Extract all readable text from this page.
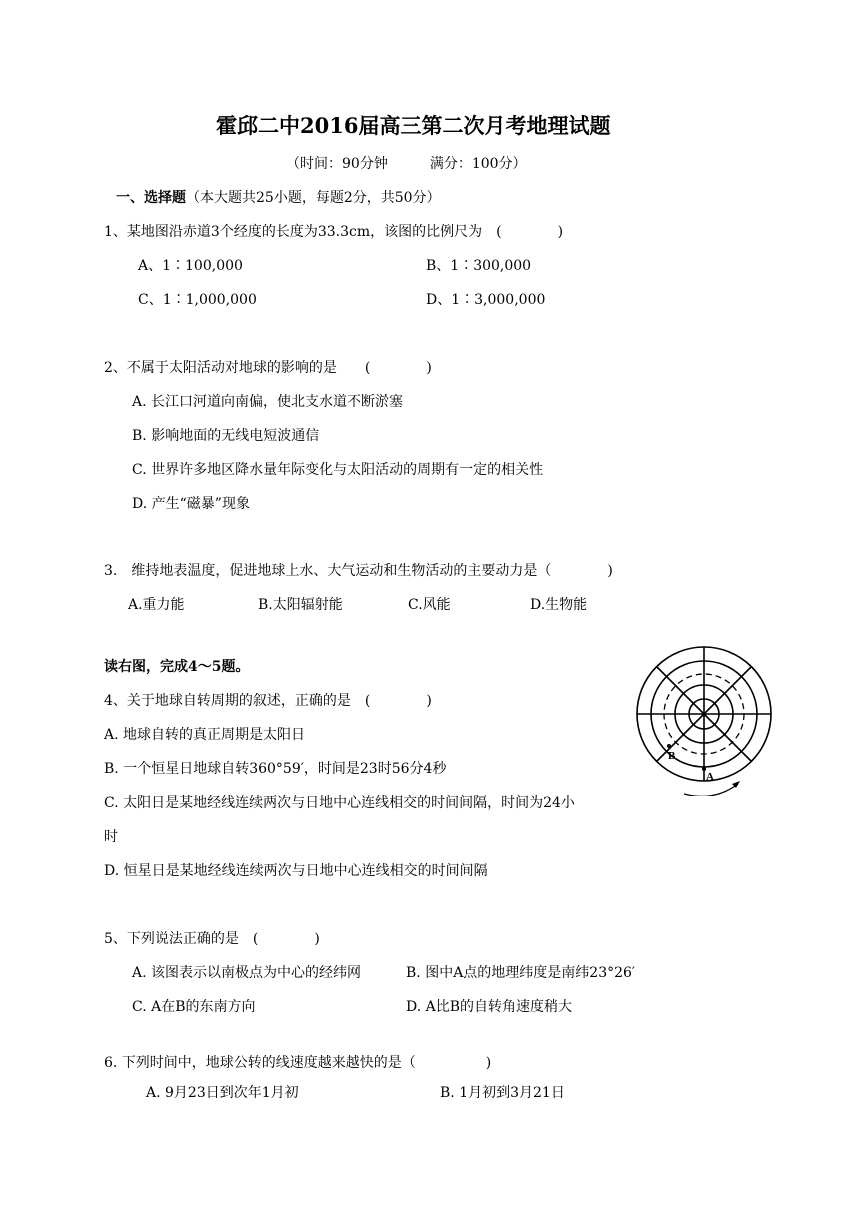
霍邱二中2016届高三第二次月考地理试题
（时间：90分钟　　　满分：100分）
一、选择题（本大题共25小题，每题2分，共50分）
1、某地图沿赤道3个经度的长度为33.3cm，该图的比例尺为　(　　　　)
A、1∶100,000	B、1∶300,000
C、1∶1,000,000	D、1∶3,000,000
2、不属于太阳活动对地球的影响的是　　(　　　　)
A. 长江口河道向南偏，使北支水道不断淤塞
B. 影响地面的无线电短波通信
C. 世界许多地区降水量年际变化与太阳活动的周期有一定的相关性
D. 产生“磁暴”现象
3.　维持地表温度，促进地球上水、大气运动和生物活动的主要动力是（　　　　)
A.重力能	B.太阳辐射能	C.风能	D.生物能
读右图，完成4～5题。
4、关于地球自转周期的叙述，正确的是　(　　　　)
A. 地球自转的真正周期是太阳日
B. 一个恒星日地球自转360°59′，时间是23时56分4秒
C. 太阳日是某地经线连续两次与日地中心连线相交的时间间隔，时间为24小
时
D. 恒星日是某地经线连续两次与日地中心连线相交的时间间隔
5、下列说法正确的是　(　　　　)
A. 该图表示以南极点为中心的经纬网	B. 图中A点的地理纬度是南纬23°26′
C. A在B的东南方向	D. A比B的自转角速度稍大
6. 下列时间中，地球公转的线速度越来越快的是（　　　　　)
A. 9月23日到次年1月初	B. 1月初到3月21日
A
B
